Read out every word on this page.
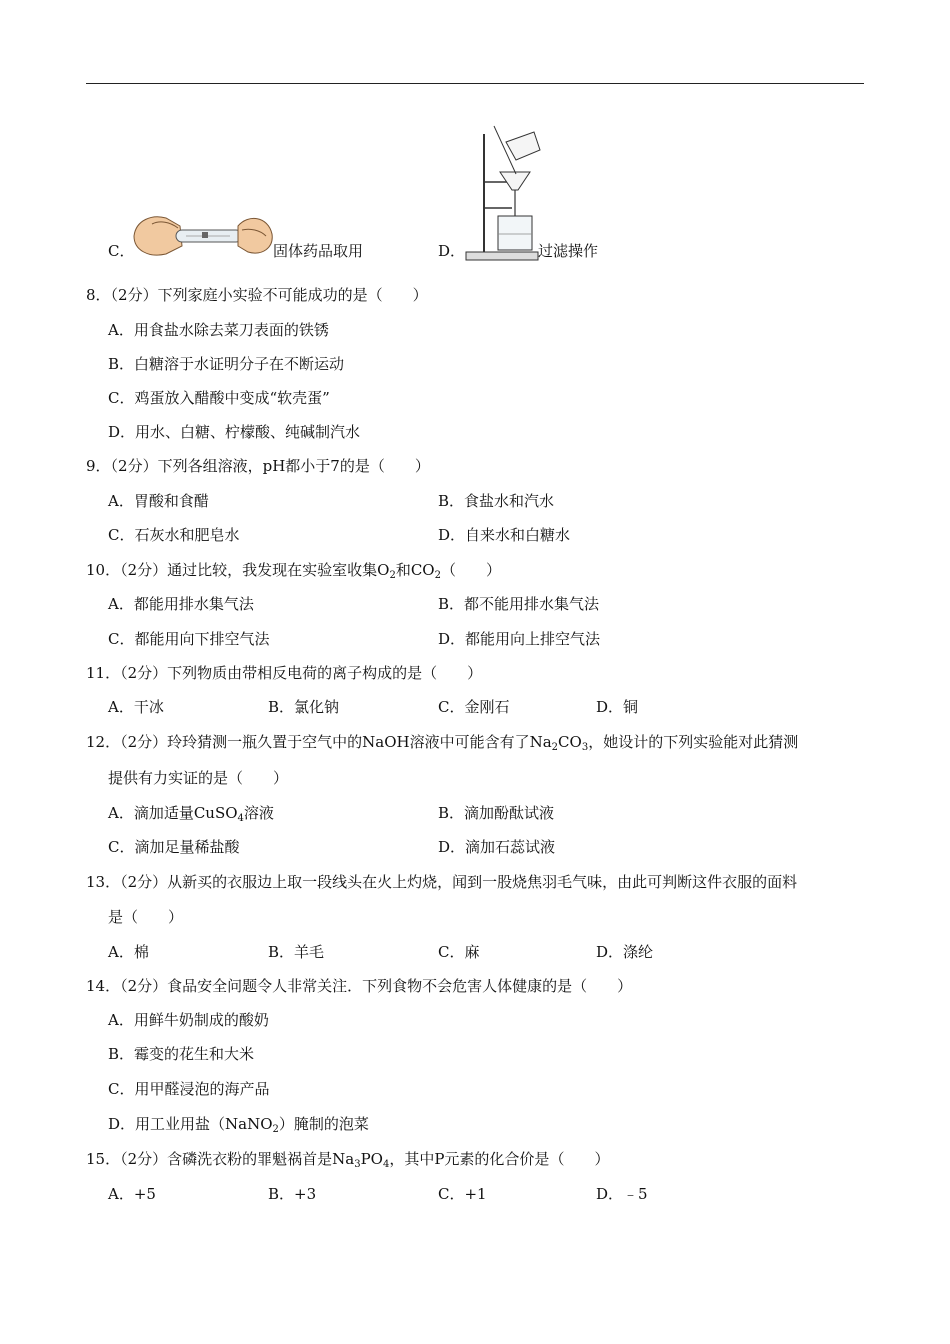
C．	固体药品取用	D．	过滤操作
8．（2分）下列家庭小实验不可能成功的是（　　）
A．用食盐水除去菜刀表面的铁锈
B．白糖溶于水证明分子在不断运动
C．鸡蛋放入醋酸中变成“软壳蛋”
D．用水、白糖、柠檬酸、纯碱制汽水
9．（2分）下列各组溶液，pH都小于7的是（　　）
A．胃酸和食醋	B．食盐水和汽水
C．石灰水和肥皂水	D．自来水和白糖水
10．（2分）通过比较，我发现在实验室收集$O_2$和$CO_2$（　　）
A．都能用排水集气法	B．都不能用排水集气法
C．都能用向下排空气法	D．都能用向上排空气法
11．（2分）下列物质由带相反电荷的离子构成的是（　　）
A．干冰	B．氯化钠	C．金刚石	D．铜
12．（2分）玲玲猜测一瓶久置于空气中的NaOH溶液中可能含有了$Na_2CO_3$，她设计的下列实验能对此猜测
提供有力实证的是（　　）
A．滴加适量CuSO$_4$溶液	B．滴加酚酞试液
C．滴加足量稀盐酸	D．滴加石蕊试液
13．（2分）从新买的衣服边上取一段线头在火上灼烧，闻到一股烧焦羽毛气味，由此可判断这件衣服的面料
是（　　）
A．棉	B．羊毛	C．麻	D．涤纶
14．（2分）食品安全问题令人非常关注．下列食物不会危害人体健康的是（　　）
A．用鲜牛奶制成的酸奶
B．霉变的花生和大米
C．用甲醛浸泡的海产品
D．用工业用盐（NaNO$_2$）腌制的泡菜
15．（2分）含磷洗衣粉的罪魁祸首是$Na_3PO_4$，其中P元素的化合价是（　　）
A．+5	B．+3	C．+1	D．﹣5
